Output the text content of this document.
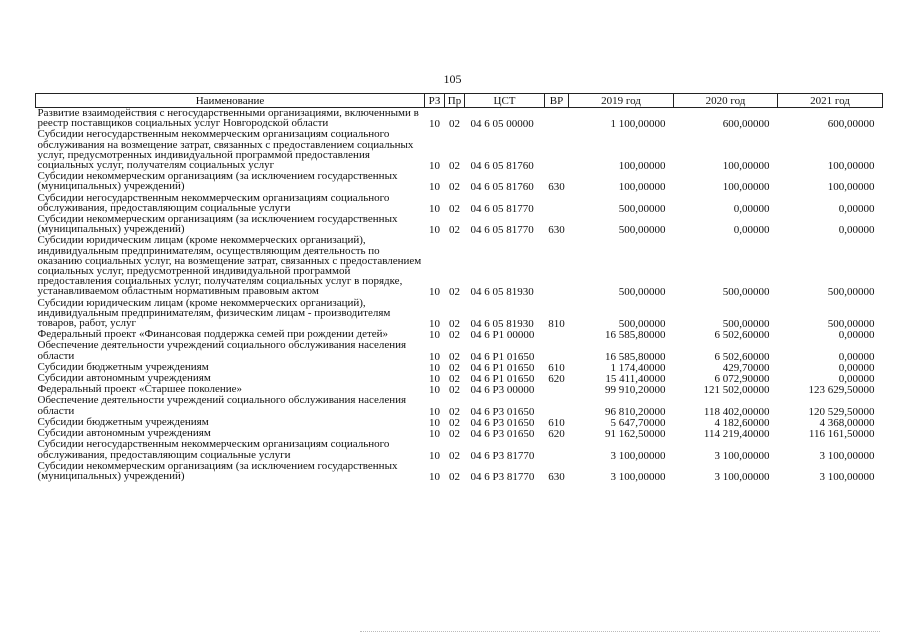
105
Наименование	РЗ	Пр	ЦСТ	ВР	2019 год	2020 год	2021 год
Развитие взаимодействия с негосударственными организациями, включенными в реестр поставщиков социальных услуг Новгородской области	10	02	04 6 05 00000		1 100,00000	600,00000	600,00000
Субсидии негосударственным некоммерческим организациям социального обслуживания на возмещение затрат, связанных с предоставлением социальных услуг, предусмотренных индивидуальной программой предоставления социальных услуг, получателям социальных услуг	10	02	04 6 05 81760		100,00000	100,00000	100,00000
Субсидии некоммерческим организациям (за исключением государственных (муниципальных) учреждений)	10	02	04 6 05 81760	630	100,00000	100,00000	100,00000
Субсидии негосударственным некоммерческим организациям социального обслуживания, предоставляющим социальные услуги	10	02	04 6 05 81770		500,00000	0,00000	0,00000
Субсидии некоммерческим организациям (за исключением государственных (муниципальных) учреждений)	10	02	04 6 05 81770	630	500,00000	0,00000	0,00000
Субсидии юридическим лицам (кроме некоммерческих организаций), индивидуальным предпринимателям, осуществляющим деятельность по оказанию социальных услуг, на возмещение затрат, связанных с предоставлением социальных услуг, предусмотренной индивидуальной программой предоставления социальных услуг, получателям социальных услуг в порядке, устанавливаемом областным нормативным правовым актом	10	02	04 6 05 81930		500,00000	500,00000	500,00000
Субсидии юридическим лицам (кроме некоммерческих организаций), индивидуальным предпринимателям, физическим лицам - производителям товаров, работ, услуг	10	02	04 6 05 81930	810	500,00000	500,00000	500,00000
Федеральный проект «Финансовая поддержка семей при рождении детей»	10	02	04 6 P1 00000		16 585,80000	6 502,60000	0,00000
Обеспечение деятельности учреждений социального обслуживания населения области	10	02	04 6 P1 01650		16 585,80000	6 502,60000	0,00000
Субсидии бюджетным учреждениям	10	02	04 6 P1 01650	610	1 174,40000	429,70000	0,00000
Субсидии автономным учреждениям	10	02	04 6 P1 01650	620	15 411,40000	6 072,90000	0,00000
Федеральный проект «Старшее поколение»	10	02	04 6 P3 00000		99 910,20000	121 502,00000	123 629,50000
Обеспечение деятельности учреждений социального обслуживания населения области	10	02	04 6 P3 01650		96 810,20000	118 402,00000	120 529,50000
Субсидии бюджетным учреждениям	10	02	04 6 P3 01650	610	5 647,70000	4 182,60000	4 368,00000
Субсидии автономным учреждениям	10	02	04 6 P3 01650	620	91 162,50000	114 219,40000	116 161,50000
Субсидии негосударственным некоммерческим организациям социального обслуживания, предоставляющим социальные услуги	10	02	04 6 P3 81770		3 100,00000	3 100,00000	3 100,00000
Субсидии некоммерческим организациям (за исключением государственных (муниципальных) учреждений)	10	02	04 6 P3 81770	630	3 100,00000	3 100,00000	3 100,00000
